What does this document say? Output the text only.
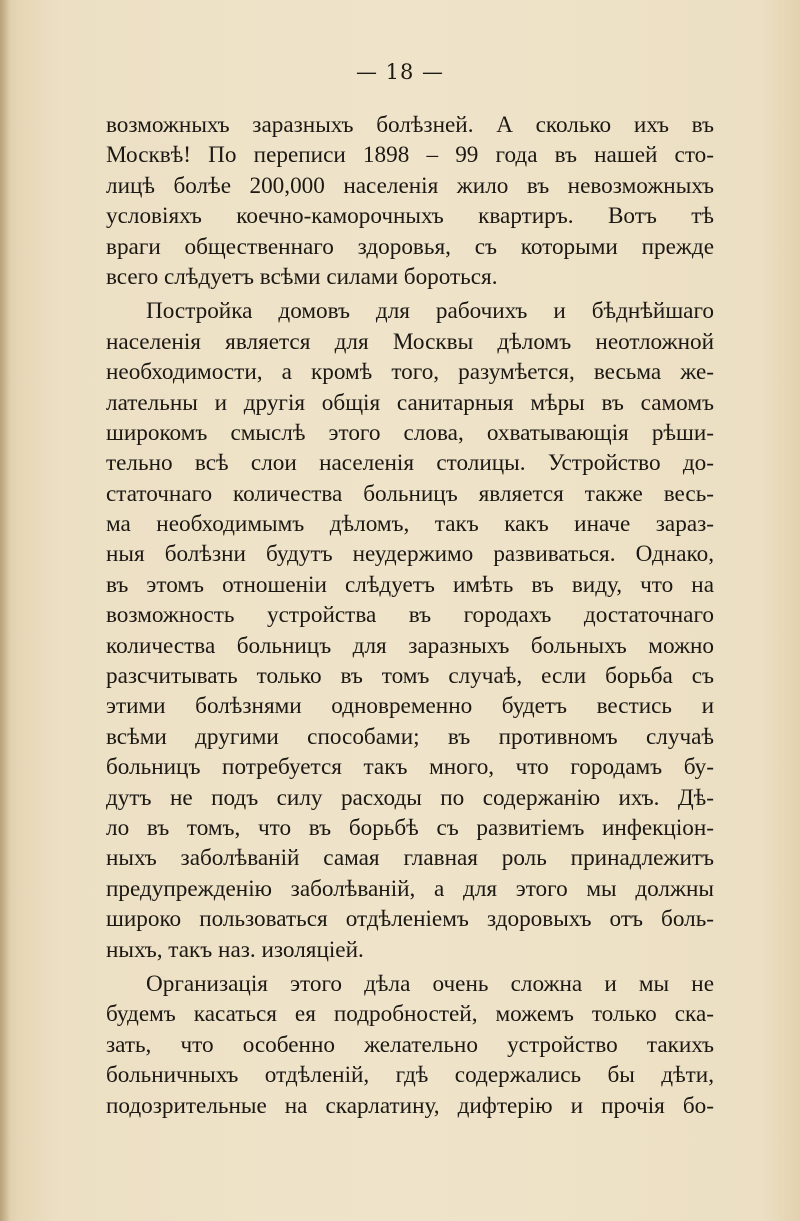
— 18 —
возможныхъ заразныхъ болѣзней. А сколько ихъ въ
Москвѣ! По переписи 1898 – 99 года въ нашей сто-
лицѣ болѣе 200,000 населенія жило въ невозможныхъ
условіяхъ коечно-каморочныхъ квартиръ. Вотъ тѣ
враги общественнаго здоровья, съ которыми прежде
всего слѣдуетъ всѣми силами бороться.
Постройка домовъ для рабочихъ и бѣднѣйшаго
населенія является для Москвы дѣломъ неотложной
необходимости, а кромѣ того, разумѣется, весьма же-
лательны и другія общія санитарныя мѣры въ самомъ
широкомъ смыслѣ этого слова, охватывающія рѣши-
тельно всѣ слои населенія столицы. Устройство до-
статочнаго количества больницъ является также весь-
ма необходимымъ дѣломъ, такъ какъ иначе зараз-
ныя болѣзни будутъ неудержимо развиваться. Однако,
въ этомъ отношеніи слѣдуетъ имѣть въ виду, что на
возможность устройства въ городахъ достаточнаго
количества больницъ для заразныхъ больныхъ можно
разсчитывать только въ томъ случаѣ, если борьба съ
этими болѣзнями одновременно будетъ вестись и
всѣми другими способами; въ противномъ случаѣ
больницъ потребуется такъ много, что городамъ бу-
дутъ не подъ силу расходы по содержанію ихъ. Дѣ-
ло въ томъ, что въ борьбѣ съ развитіемъ инфекціон-
ныхъ заболѣваній самая главная роль принадлежитъ
предупрежденію заболѣваній, а для этого мы должны
широко пользоваться отдѣленіемъ здоровыхъ отъ боль-
ныхъ, такъ наз. изоляціей.
Организація этого дѣла очень сложна и мы не
будемъ касаться ея подробностей, можемъ только ска-
зать, что особенно желательно устройство такихъ
больничныхъ отдѣленій, гдѣ содержались бы дѣти,
подозрительные на скарлатину, дифтерію и прочія бо-
